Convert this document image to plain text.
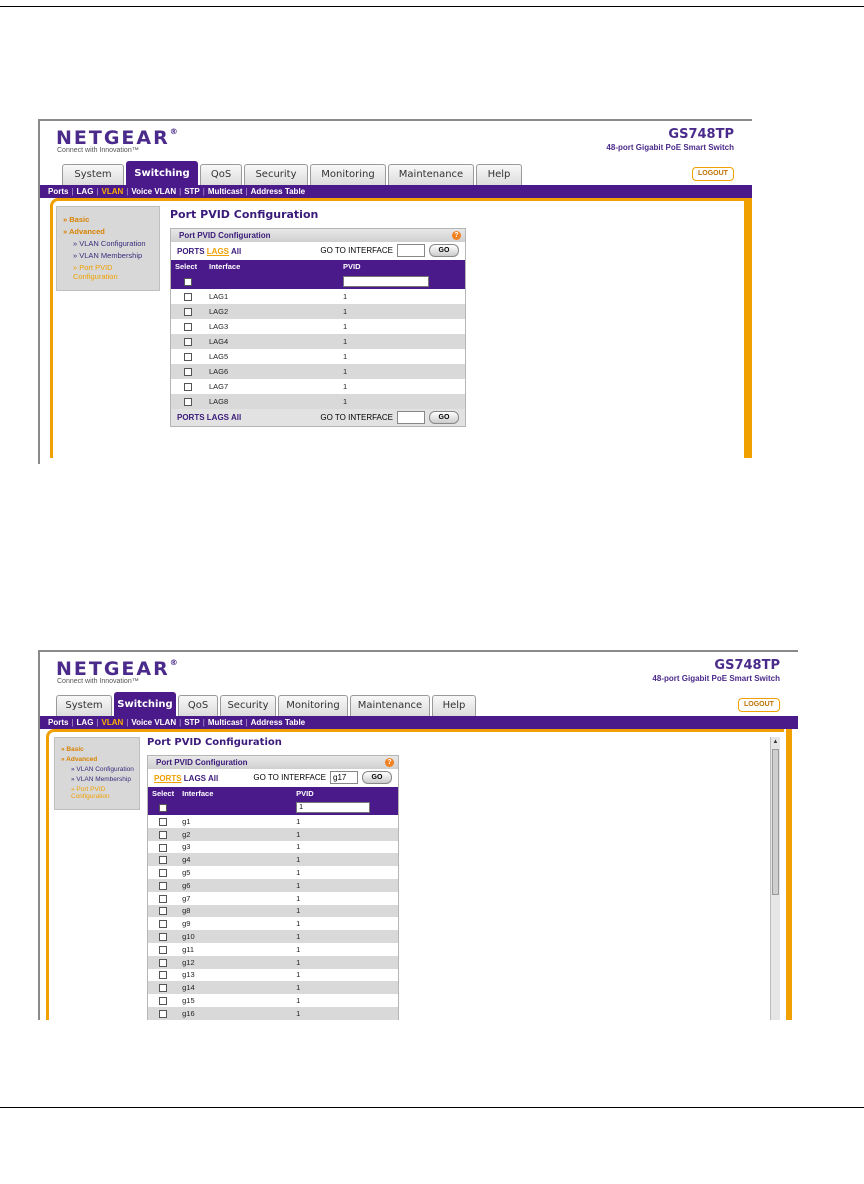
NETGEAR®
Connect with Innovation™
GS748TP
48-port Gigabit PoE Smart Switch
System	Switching	QoS	Security	Monitoring	Maintenance	Help	LOGOUT
Ports | LAG | VLAN | Voice VLAN | STP | Multicast | Address Table
» Basic
» Advanced
» VLAN Configuration
» VLAN Membership
» Port PVID Configuration
Port PVID Configuration
Port PVID Configuration	?
PORTS LAGS All	GO TO INTERFACE	GO
Select	Interface	PVID

	LAG1	1
	LAG2	1
	LAG3	1
	LAG4	1
	LAG5	1
	LAG6	1
	LAG7	1
	LAG8	1
PORTS LAGS All	GO TO INTERFACE	GO
NETGEAR®
Connect with Innovation™
GS748TP
48-port Gigabit PoE Smart Switch
System	Switching	QoS	Security	Monitoring	Maintenance	Help	LOGOUT
Ports | LAG | VLAN | Voice VLAN | STP | Multicast | Address Table
▲
» Basic
» Advanced
» VLAN Configuration
» VLAN Membership
» Port PVID Configuration
Port PVID Configuration
Port PVID Configuration	?
PORTS LAGS All	GO TO INTERFACE
g17	GO
Select	Interface	PVID
		1
	g1	1
	g2	1
	g3	1
	g4	1
	g5	1
	g6	1
	g7	1
	g8	1
	g9	1
	g10	1
	g11	1
	g12	1
	g13	1
	g14	1
	g15	1
	g16	1
